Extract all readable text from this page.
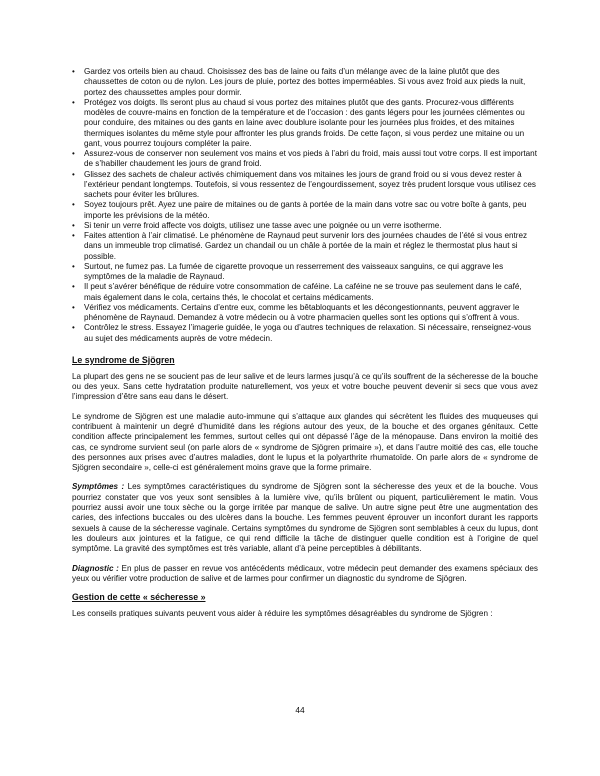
• Gardez vos orteils bien au chaud. Choisissez des bas de laine ou faits d’un mélange avec de la laine plutôt que des chaussettes de coton ou de nylon. Les jours de pluie, portez des bottes imperméables. Si vous avez froid aux pieds la nuit, portez des chaussettes amples pour dormir.
• Protégez vos doigts. Ils seront plus au chaud si vous portez des mitaines plutôt que des gants. Procurez-vous différents modèles de couvre-mains en fonction de la température et de l’occasion : des gants légers pour les journées clémentes ou pour conduire, des mitaines ou des gants en laine avec doublure isolante pour les journées plus froides, et des mitaines thermiques isolantes du même style pour affronter les plus grands froids. De cette façon, si vous perdez une mitaine ou un gant, vous pourrez toujours compléter la paire.
• Assurez-vous de conserver non seulement vos mains et vos pieds à l’abri du froid, mais aussi tout votre corps. Il est important de s’habiller chaudement les jours de grand froid.
• Glissez des sachets de chaleur activés chimiquement dans vos mitaines les jours de grand froid ou si vous devez rester à l’extérieur pendant longtemps. Toutefois, si vous ressentez de l’engourdissement, soyez très prudent lorsque vous utilisez ces sachets pour éviter les brûlures.
• Soyez toujours prêt. Ayez une paire de mitaines ou de gants à portée de la main dans votre sac ou votre boîte à gants, peu importe les prévisions de la météo.
• Si tenir un verre froid affecte vos doigts, utilisez une tasse avec une poignée ou un verre isotherme.
• Faites attention à l’air climatisé. Le phénomène de Raynaud peut survenir lors des journées chaudes de l’été si vous entrez dans un immeuble trop climatisé. Gardez un chandail ou un châle à portée de la main et réglez le thermostat plus haut si possible.
• Surtout, ne fumez pas. La fumée de cigarette provoque un resserrement des vaisseaux sanguins, ce qui aggrave les symptômes de la maladie de Raynaud.
• Il peut s’avérer bénéfique de réduire votre consommation de caféine. La caféine ne se trouve pas seulement dans le café, mais également dans le cola, certains thés, le chocolat et certains médicaments.
• Vérifiez vos médicaments. Certains d’entre eux, comme les bêtabloquants et les décongestionnants, peuvent aggraver le phénomène de Raynaud. Demandez à votre médecin ou à votre pharmacien quelles sont les options qui s’offrent à vous.
• Contrôlez le stress. Essayez l’imagerie guidée, le yoga ou d’autres techniques de relaxation. Si nécessaire, renseignez-vous au sujet des médicaments auprès de votre médecin.
Le syndrome de Sjögren

La plupart des gens ne se soucient pas de leur salive et de leurs larmes jusqu’à ce qu’ils souffrent de la sécheresse de la bouche ou des yeux. Sans cette hydratation produite naturellement, vos yeux et votre bouche peuvent devenir si secs que vous avez l’impression d’être sans eau dans le désert.

Le syndrome de Sjögren est une maladie auto-immune qui s’attaque aux glandes qui sécrètent les fluides des muqueuses qui contribuent à maintenir un degré d’humidité dans les régions autour des yeux, de la bouche et des organes génitaux. Cette condition affecte principalement les femmes, surtout celles qui ont dépassé l’âge de la ménopause. Dans environ la moitié des cas, ce syndrome survient seul (on parle alors de « syndrome de Sjögren primaire »), et dans l’autre moitié des cas, elle touche des personnes aux prises avec d’autres maladies, dont le lupus et la polyarthrite rhumatoïde. On parle alors de « syndrome de Sjögren secondaire », celle-ci est généralement moins grave que la forme primaire.

Symptômes : Les symptômes caractéristiques du syndrome de Sjögren sont la sécheresse des yeux et de la bouche. Vous pourriez constater que vos yeux sont sensibles à la lumière vive, qu’ils brûlent ou piquent, particulièrement le matin. Vous pourriez aussi avoir une toux sèche ou la gorge irritée par manque de salive. Un autre signe peut être une augmentation des caries, des infections buccales ou des ulcères dans la bouche. Les femmes peuvent éprouver un inconfort durant les rapports sexuels à cause de la sécheresse vaginale. Certains symptômes du syndrome de Sjögren sont semblables à ceux du lupus, dont les douleurs aux jointures et la fatigue, ce qui rend difficile la tâche de distinguer quelle condition est à l’origine de quel symptôme. La gravité des symptômes est très variable, allant d’à peine perceptibles à débilitants.

Diagnostic : En plus de passer en revue vos antécédents médicaux, votre médecin peut demander des examens spéciaux des yeux ou vérifier votre production de salive et de larmes pour confirmer un diagnostic du syndrome de Sjögren.

Gestion de cette « sécheresse »

Les conseils pratiques suivants peuvent vous aider à réduire les symptômes désagréables du syndrome de Sjögren :

44
